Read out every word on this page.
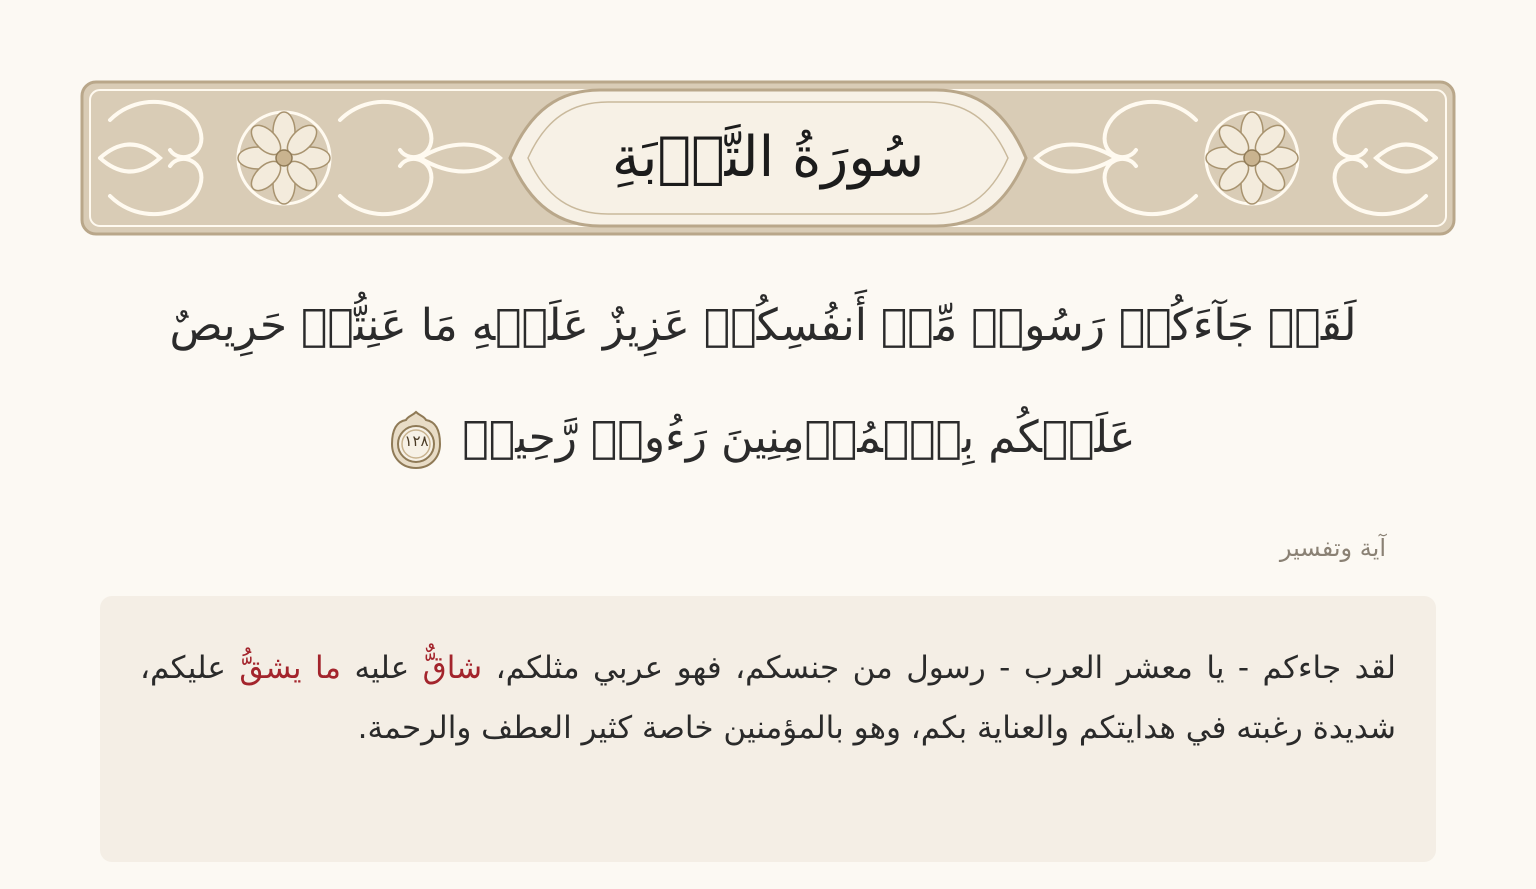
سُورَةُ التَّوۡبَةِ
لَقَدۡ جَآءَكُمۡ رَسُولٞ مِّنۡ أَنفُسِكُمۡ عَزِيزٌ عَلَيۡهِ مَا عَنِتُّمۡ حَرِيصٌ عَلَيۡكُم بِٱلۡمُؤۡمِنِينَ رَءُوفٞ رَّحِيمٞ
١٢٨
آية وتفسير
لقد جاءكم - يا معشر العرب - رسول من جنسكم، فهو عربي مثلكم، شاقٌّ عليه ما يشقُّ عليكم، شديدة رغبته في هدايتكم والعناية بكم، وهو بالمؤمنين خاصة كثير العطف والرحمة.
